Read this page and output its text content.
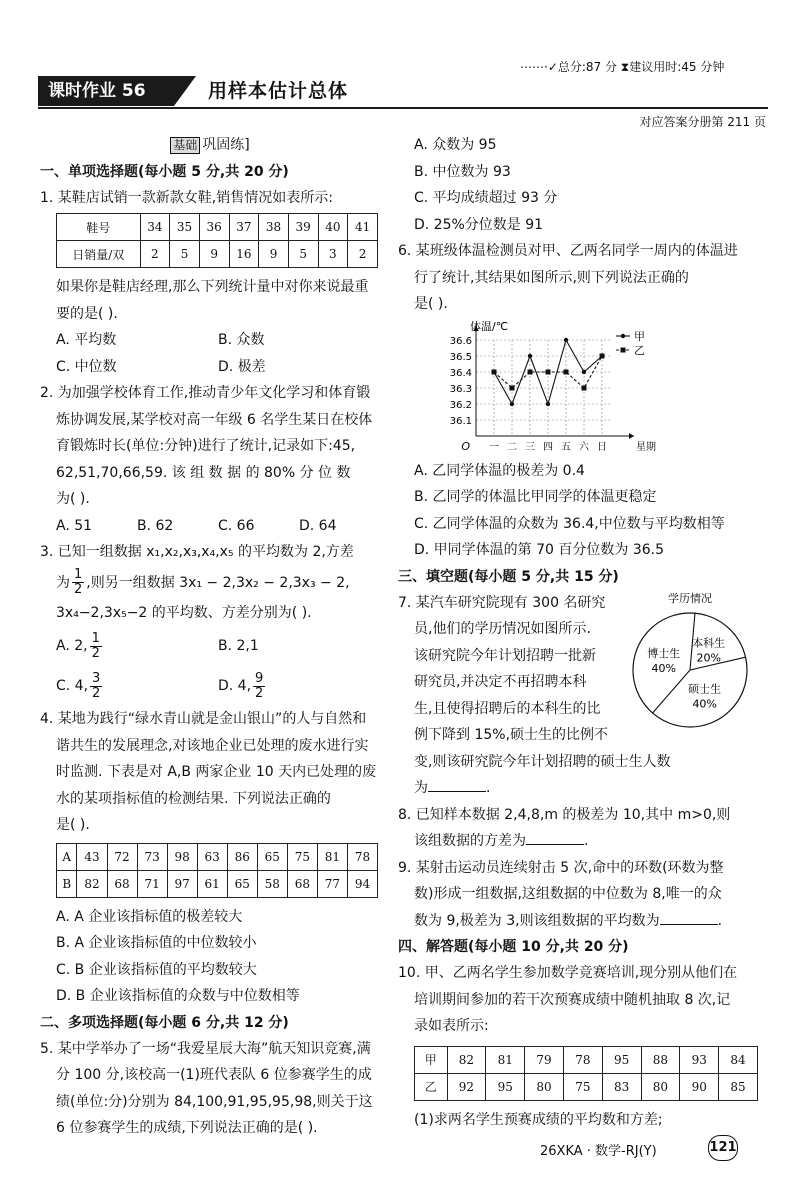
⋯⋯·✓总分:87 分 ⧗建议用时:45 分钟
课时作业 56	用样本估计总体
对应答案分册第 211 页

基础 巩固练]

一、单项选择题(每小题 5 分,共 20 分)

1. 某鞋店试销一款新款女鞋,销售情况如表所示:

鞋号	34	35	36	37	38	39	40	41
日销量/双	2	5	9	16	9	5	3	2

如果你是鞋店经理,那么下列统计量中对你来说最重

要的是( ).

A. 平均数	B. 众数
C. 中位数	D. 极差

2. 为加强学校体育工作,推动青少年文化学习和体育锻

炼协调发展,某学校对高一年级 6 名学生某日在校体

育锻炼时长(单位:分钟)进行了统计,记录如下:45,

62,51,70,66,59. 该 组 数 据 的 80% 分 位 数

为( ).

A. 51	B. 62	C. 66	D. 64

3. 已知一组数据 x₁,x₂,x₃,x₄,x₅ 的平均数为 2,方差

为 $\frac{1}{2}$ ,则另一组数据 3x₁ − 2,3x₂ − 2,3x₃ − 2,

3x₄−2,3x₅−2 的平均数、方差分别为( ).

A. 2, $\frac{1}{2}$	B. 2,1
C. 4, $\frac{3}{2}$	D. 4, $\frac{9}{2}$

4. 某地为践行“绿水青山就是金山银山”的人与自然和

谐共生的发展理念,对该地企业已处理的废水进行实

时监测. 下表是对 A,B 两家企业 10 天内已处理的废

水的某项指标值的检测结果. 下列说法正确的

是( ).

A	43	72	73	98	63	86	65	75	81	78
B	82	68	71	97	61	65	58	68	77	94

A. A 企业该指标值的极差较大

B. A 企业该指标值的中位数较小

C. B 企业该指标值的平均数较大

D. B 企业该指标值的众数与中位数相等

二、多项选择题(每小题 6 分,共 12 分)

5. 某中学举办了一场“我爱星辰大海”航天知识竞赛,满

分 100 分,该校高一(1)班代表队 6 位参赛学生的成

绩(单位:分)分别为 84,100,91,95,95,98,则关于这

6 位参赛学生的成绩,下列说法正确的是( ).

A. 众数为 95

B. 中位数为 93

C. 平均成绩超过 93 分

D. 25%分位数是 91

6. 某班级体温检测员对甲、乙两名同学一周内的体温进

行了统计,其结果如图所示,则下列说法正确的

是( ).

36.1
36.2
36.3
36.4
36.5
36.6
一 二 三 四 五 六 日
O
体温/℃
星期
甲
乙

A. 乙同学体温的极差为 0.4

B. 乙同学的体温比甲同学的体温更稳定

C. 乙同学体温的众数为 36.4,中位数与平均数相等

D. 甲同学体温的第 70 百分位数为 36.5

三、填空题(每小题 5 分,共 15 分)

7. 某汽车研究院现有 300 名研究

员,他们的学历情况如图所示.

该研究院今年计划招聘一批新

研究员,并决定不再招聘本科

生,且使得招聘后的本科生的比

例下降到 15%,硕士生的比例不

学历情况
本科生
20%
硕士生
40%
博士生
40%

变,则该研究院今年计划招聘的硕士生人数

为	.

8. 已知样本数据 2,4,8,m 的极差为 10,其中 m>0,则

该组数据的方差为	.

9. 某射击运动员连续射击 5 次,命中的环数(环数为整

数)形成一组数据,这组数据的中位数为 8,唯一的众

数为 9,极差为 3,则该组数据的平均数为	.

四、解答题(每小题 10 分,共 20 分)

10. 甲、乙两名学生参加数学竞赛培训,现分别从他们在

培训期间参加的若干次预赛成绩中随机抽取 8 次,记

录如表所示:

甲	82	81	79	78	95	88	93	84
乙	92	95	80	75	83	80	90	85

(1)求两名学生预赛成绩的平均数和方差;

26XKA · 数学-RJ(Y)	121
